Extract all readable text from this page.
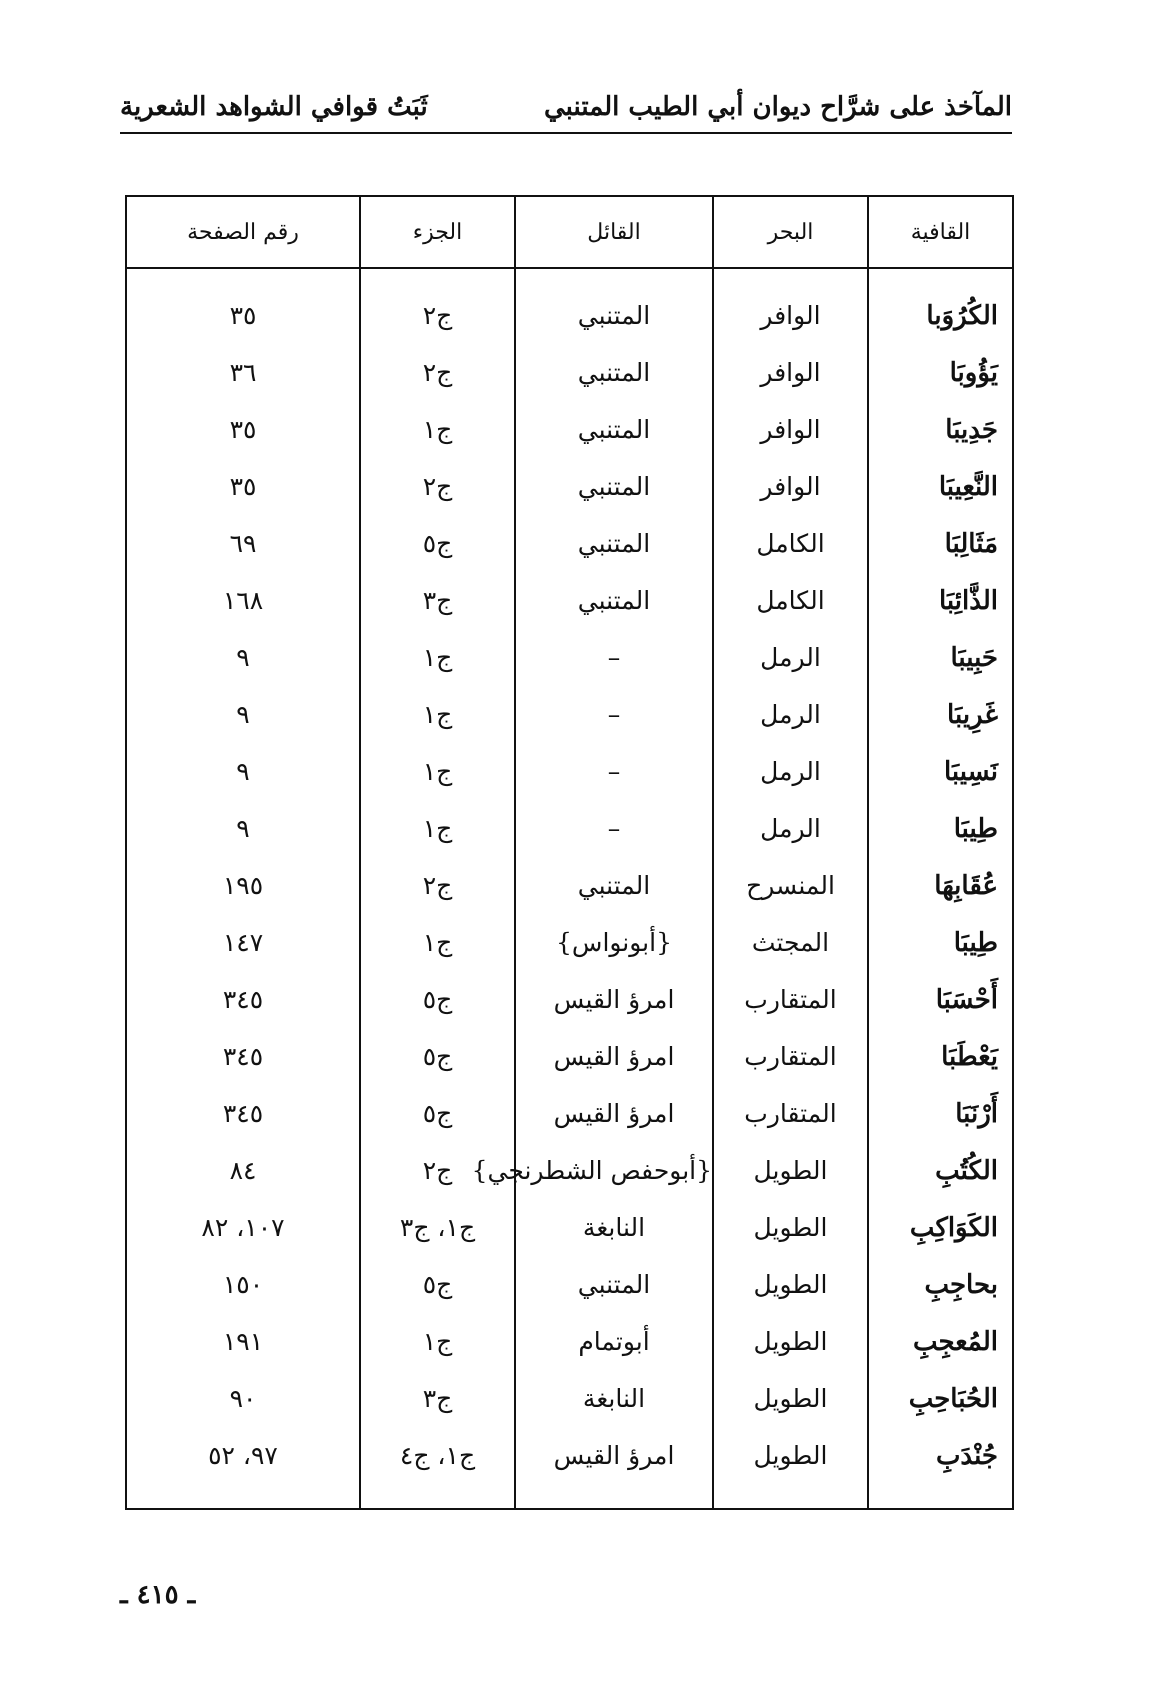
المآخذ على شرَّاح ديوان أبي الطيب المتنبي
ثَبَتُ قوافي الشواهد الشعرية
القافية	البحر	القائل	الجزء	رقم الصفحة
الكُرُوَبا	الوافر	المتنبي	ج٢	٣٥
يَؤُوبَا	الوافر	المتنبي	ج٢	٣٦
جَدِيبَا	الوافر	المتنبي	ج١	٣٥
النَّعِيبَا	الوافر	المتنبي	ج٢	٣٥
مَثَالِبَا	الكامل	المتنبي	ج٥	٦٩
الذَّائِبَا	الكامل	المتنبي	ج٣	١٦٨
حَبِيبَا	الرمل	–	ج١	٩
غَرِيبَا	الرمل	–	ج١	٩
نَسِيبَا	الرمل	–	ج١	٩
طِيبَا	الرمل	–	ج١	٩
عُقَابِهَا	المنسرح	المتنبي	ج٢	١٩٥
طِيبَا	المجتث	{أبونواس}	ج١	١٤٧
أَحْسَبَا	المتقارب	امرؤ القيس	ج٥	٣٤٥
يَعْطَبَا	المتقارب	امرؤ القيس	ج٥	٣٤٥
أَرْنَبَا	المتقارب	امرؤ القيس	ج٥	٣٤٥
الكُتُبِ	الطويل	{أبوحفص الشطرنجي}	ج٢	٨٤
الكَوَاكِبِ	الطويل	النابغة	ج١، ج٣	١٠٧، ٨٢
بحاجِبِ	الطويل	المتنبي	ج٥	١٥٠
المُعجِبِ	الطويل	أبوتمام	ج١	١٩١
الحُبَاحِبِ	الطويل	النابغة	ج٣	٩٠
جُنْدَبِ	الطويل	امرؤ القيس	ج١، ج٤	٩٧، ٥٢

ـ ٤١٥ ـ
